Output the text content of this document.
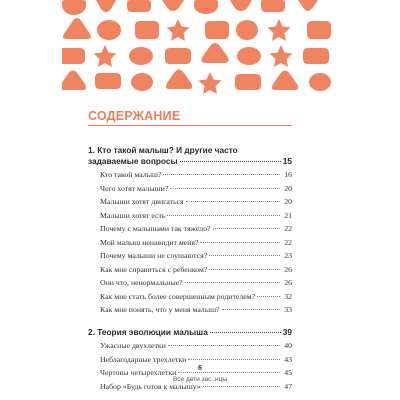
СОДЕРЖАНИЕ
1. Кто такой малыш? И другие часто
задаваемые вопросы	15
Кто такой малыш?	16
Чего хотят малыши?	20
Малыши хотят двигаться	20
Малыши хотят есть	21
Почему с малышами так тяжело?	22
Мой малыш ненавидит меня?	22
Почему малыши не слушаются?	23
Как мне справиться с ребенком?	26
Они что, ненормальные?	26
Как мне стать более совершенным родителем?	32
Как мне понять, что у меня малыш?	33
2. Теория эволюции малыша	39
Ужасные двухлетки	40
Неблагодарные трехлетки	43
Чертовы четырехлетки	45
Набор «Будь готов к малышу»	47
6
Все дети зас..нцы
